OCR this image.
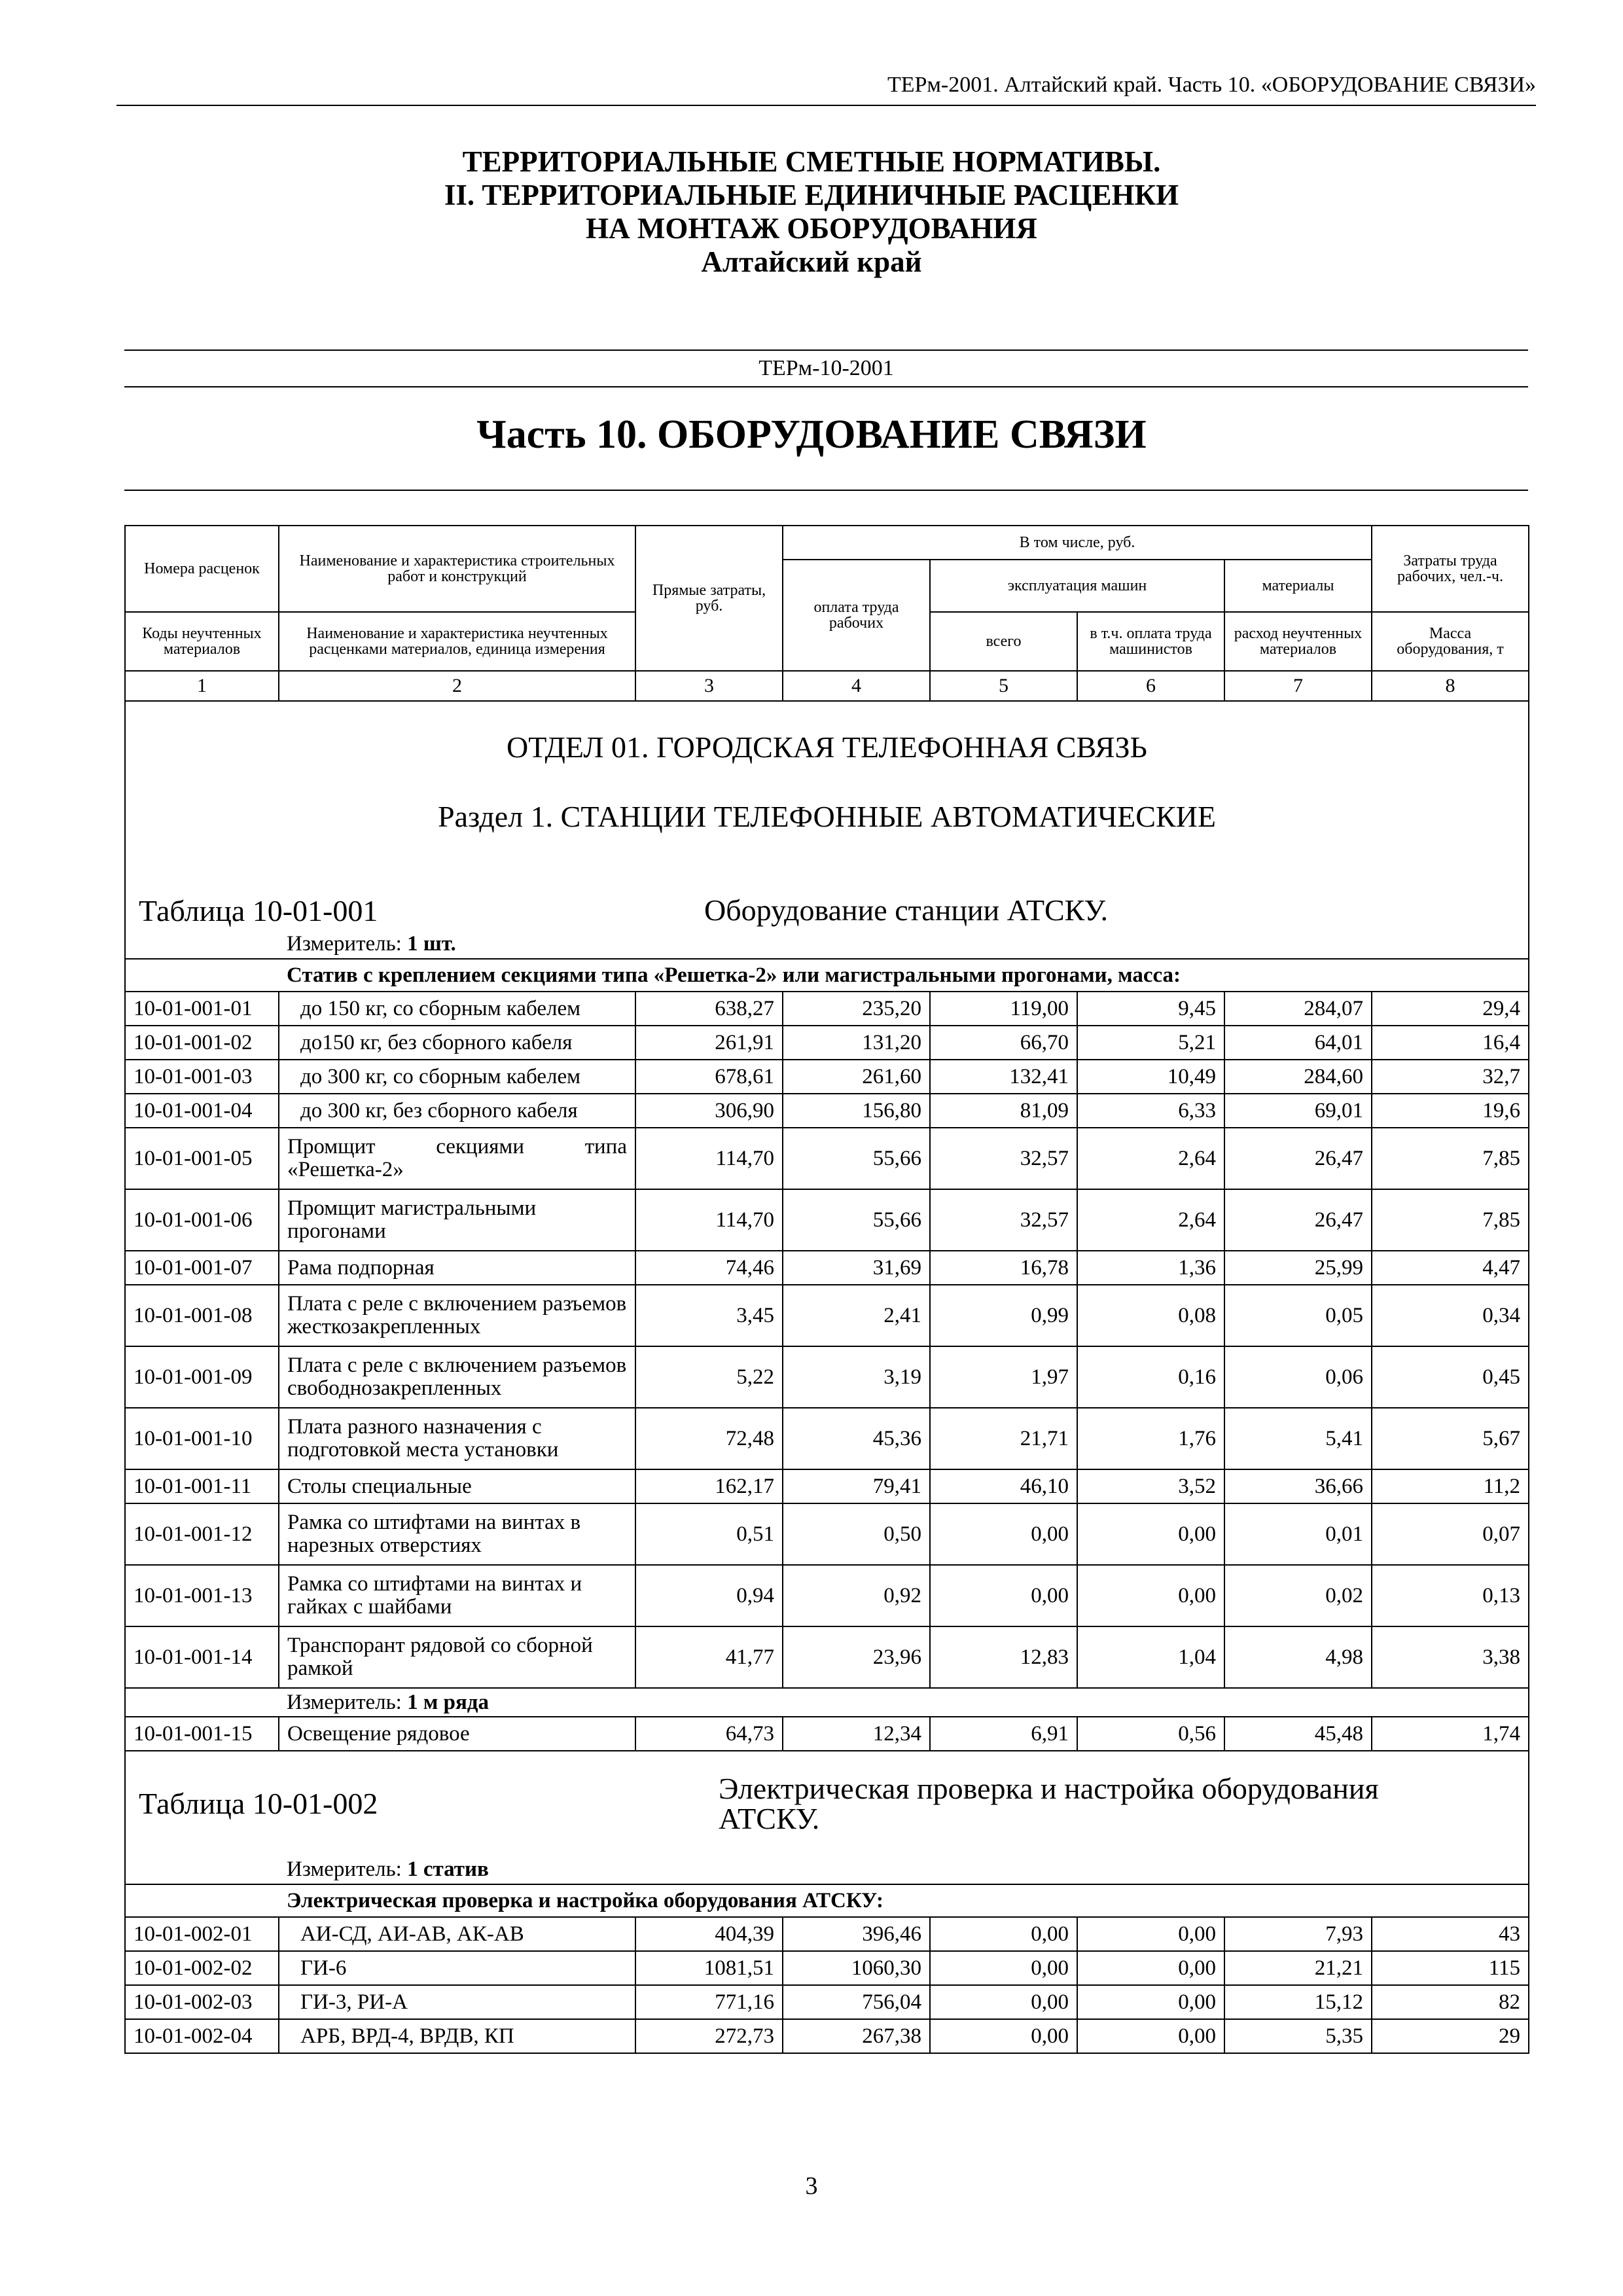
ТЕРм-2001. Алтайский край. Часть 10. «ОБОРУДОВАНИЕ СВЯЗИ»
ТЕРРИТОРИАЛЬНЫЕ СМЕТНЫЕ НОРМАТИВЫ.
II. ТЕРРИТОРИАЛЬНЫЕ ЕДИНИЧНЫЕ РАСЦЕНКИ
НА МОНТАЖ ОБОРУДОВАНИЯ
Алтайский край
ТЕРм-10-2001
Часть 10. ОБОРУДОВАНИЕ СВЯЗИ
Номера расценок	Наименование и характеристика строительных работ и конструкций	Прямые затраты, руб.	В том числе, руб.				Затраты труда рабочих, чел.-ч.
			оплата труда рабочих	эксплуатация машин		материалы	
Коды неучтенных материалов	Наименование и характеристика неучтенных расценками материалов, единица измерения			всего	в т.ч. оплата труда машинистов	расход неучтенных материалов	Масса оборудования, т
1	2	3	4	5	6	7	8
ОТДЕЛ 01. ГОРОДСКАЯ ТЕЛЕФОННАЯ СВЯЗЬ							
Раздел 1. СТАНЦИИ ТЕЛЕФОННЫЕ АВТОМАТИЧЕСКИЕ							
Таблица 10-01-001			Оборудование станции АТСКУ.				
	Измеритель: 1 шт.						
	Статив с креплением секциями типа «Решетка-2» или магистральными прогонами, масса:						
10-01-001-01	до 150 кг, со сборным кабелем	638,27	235,20	119,00	9,45	284,07	29,4
10-01-001-02	до150 кг, без сборного кабеля	261,91	131,20	66,70	5,21	64,01	16,4
10-01-001-03	до 300 кг, со сборным кабелем	678,61	261,60	132,41	10,49	284,60	32,7
10-01-001-04	до 300 кг, без сборного кабеля	306,90	156,80	81,09	6,33	69,01	19,6
10-01-001-05	Промщит секциями типа «Решетка-2»	114,70	55,66	32,57	2,64	26,47	7,85
10-01-001-06	Промщит магистральными прогонами	114,70	55,66	32,57	2,64	26,47	7,85
10-01-001-07	Рама подпорная	74,46	31,69	16,78	1,36	25,99	4,47
10-01-001-08	Плата с реле с включением разъемов жесткозакрепленных	3,45	2,41	0,99	0,08	0,05	0,34
10-01-001-09	Плата с реле с включением разъемов свободнозакрепленных	5,22	3,19	1,97	0,16	0,06	0,45
10-01-001-10	Плата разного назначения с подготовкой места установки	72,48	45,36	21,71	1,76	5,41	5,67
10-01-001-11	Столы специальные	162,17	79,41	46,10	3,52	36,66	11,2
10-01-001-12	Рамка со штифтами на винтах в нарезных отверстиях	0,51	0,50	0,00	0,00	0,01	0,07
10-01-001-13	Рамка со штифтами на винтах и гайках с шайбами	0,94	0,92	0,00	0,00	0,02	0,13
10-01-001-14	Транспорант рядовой со сборной рамкой	41,77	23,96	12,83	1,04	4,98	3,38
	Измеритель: 1 м ряда						
10-01-001-15	Освещение рядовое	64,73	12,34	6,91	0,56	45,48	1,74
Таблица 10-01-002			Электрическая проверка и настройка оборудования АТСКУ.				

	Измеритель: 1 статив						
	Электрическая проверка и настройка оборудования АТСКУ:						
10-01-002-01	АИ-СД, АИ-АВ, АК-АВ	404,39	396,46	0,00	0,00	7,93	43
10-01-002-02	ГИ-6	1081,51	1060,30	0,00	0,00	21,21	115
10-01-002-03	ГИ-3, РИ-А	771,16	756,04	0,00	0,00	15,12	82
10-01-002-04	АРБ, ВРД-4, ВРДВ, КП	272,73	267,38	0,00	0,00	5,35	29
3
